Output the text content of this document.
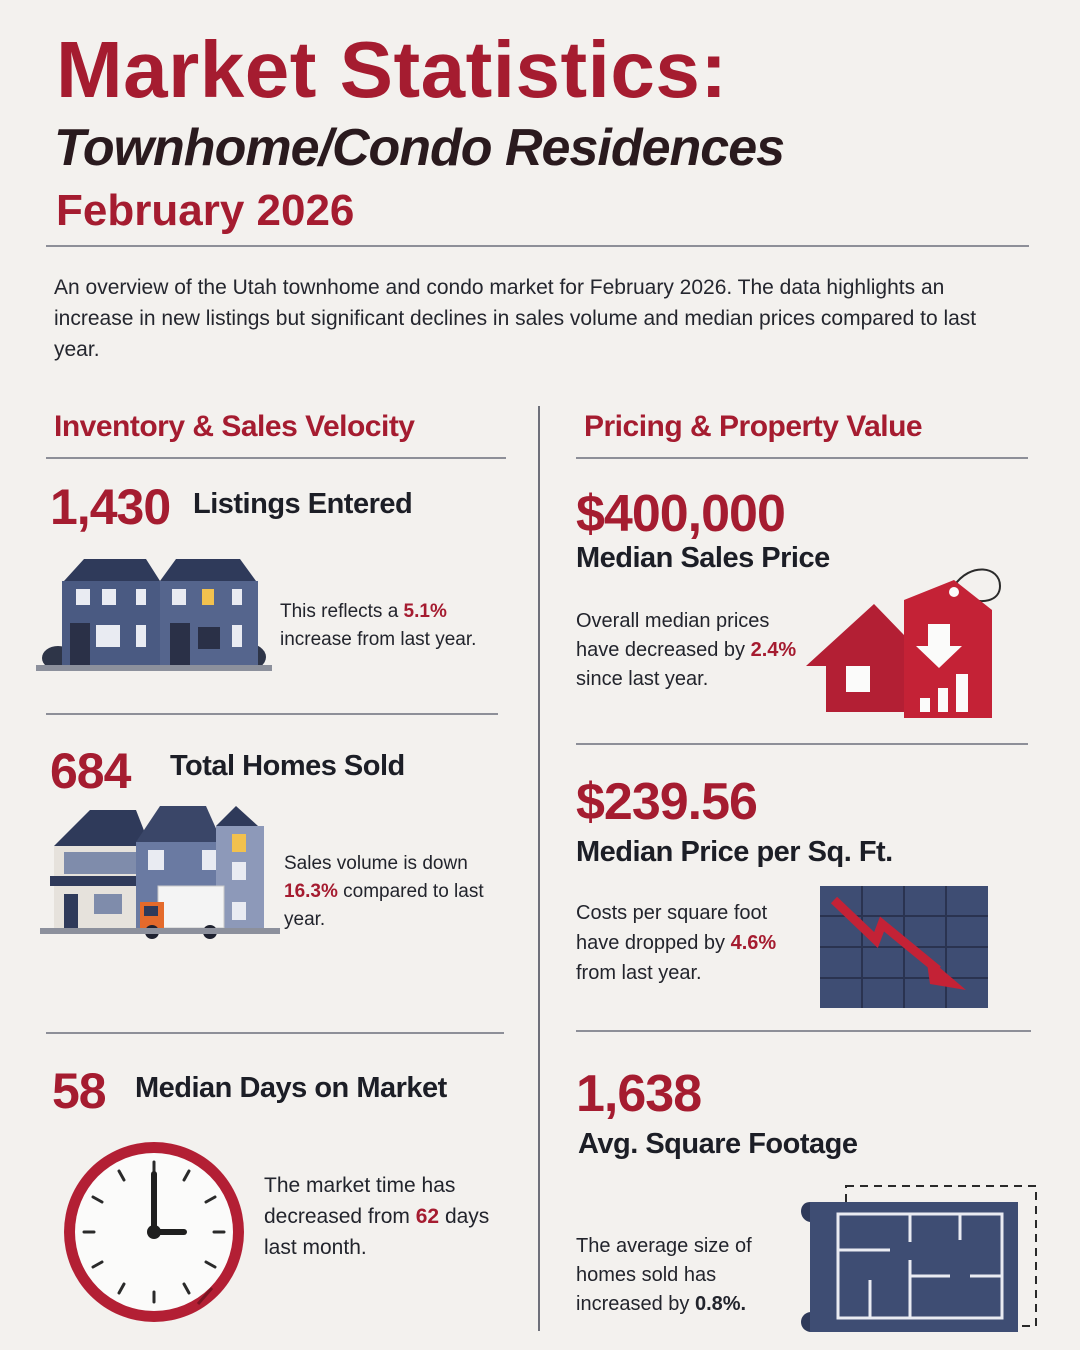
Market Statistics:
Townhome/Condo Residences
February 2026
An overview of the Utah townhome and condo market for February 2026. The data highlights an increase in new listings but significant declines in sales volume and median prices compared to last year.
Inventory & Sales Velocity
1,430 Listings Entered
This reflects a 5.1% increase from last year.
684 Total Homes Sold
Sales volume is down 16.3% compared to last year.
58 Median Days on Market
The market time has decreased from 62 days last month.
Pricing & Property Value
$400,000
Median Sales Price
Overall median prices have decreased by 2.4% since last year.
$239.56
Median Price per Sq. Ft.
Costs per square foot have dropped by 4.6% from last year.
1,638
Avg. Square Footage
The average size of homes sold has increased by 0.8%.
